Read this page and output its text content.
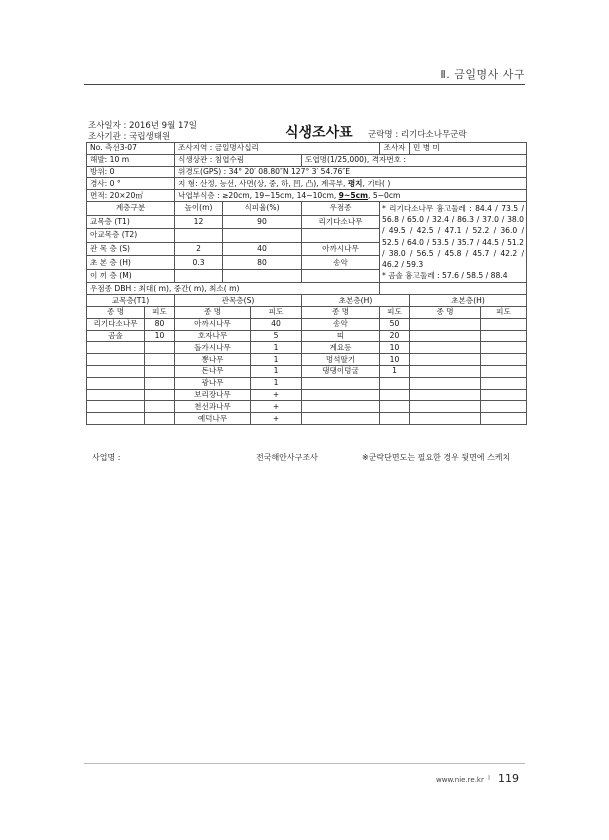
Ⅱ. 금일명사 사구
조사일자 : 2016년 9월 17일
조사기관 : 국립생태원	식생조사표 군락명 : 리기다소나무군락
No. 측선3-07		조사지역 : 금일명사십리				조사자	민 병 미	
해발: 10 m		식생상관 : 침엽수림			도엽명(1/25,000), 격자번호 :			
방위: 0		위경도(GPS) : 34° 20′ 08.80″N 127° 3′ 54.76″E						
경사: 0 °		지 형: 산정, 능선, 사면(상, 중, 하, 凹, 凸), 계곡부, 평지, 기타( )						
면적: 20×20㎡		낙엽부식층 : ≥20cm, 19~15cm, 14~10cm, 9~5cm, 5~0cm						
계층구분		높이(m)	식피율(%)		우점종	* 리기다소나무 흉고둘레 : 84.4 / 73.5 / 56.8 / 65.0 / 32.4 / 86.3 / 37.0 / 38.0 / 49.5 / 42.5 / 47.1 / 52.2 / 36.0 / 52.5 / 64.0 / 53.5 / 35.7 / 44.5 / 51.2 / 38.0 / 56.5 / 45.8 / 45.7 / 42.2 / 46.2 / 59.3
* 곰솔 흉고둘레 : 57.6 / 58.5 / 88.4		
교목층 (T1)		12	90		리기다소나무			
아교목층 (T2)								
관 목 층 (S)		2	40		아까시나무			
초 본 층 (H)		0.3	80		송악			
이 끼 층 (M)								
우점종 DBH : 최대( m), 중간( m), 최소( m)								
교목층(T1)		관목층(S)			초본층(H)		초본층(H)	
종 명	피도	종 명		피도	종 명	피도	종 명	피도
리기다소나무	80	아까시나무		40	송악	50		
곰솔	10	호자나무		5	띠	20		
		돌가시나무		1	계요등	10		
		뽕나무		1	멍석딸기	10		
		돈나무		1	댕댕이덩굴	1		
		광나무		1				
		보리장나무		+				
		천선과나무		+				
		예덕나무		+				
사업명 :	전국해안사구조사	※군락단면도는 필요한 경우 뒷면에 스케치
www.nie.re.kr I 119
